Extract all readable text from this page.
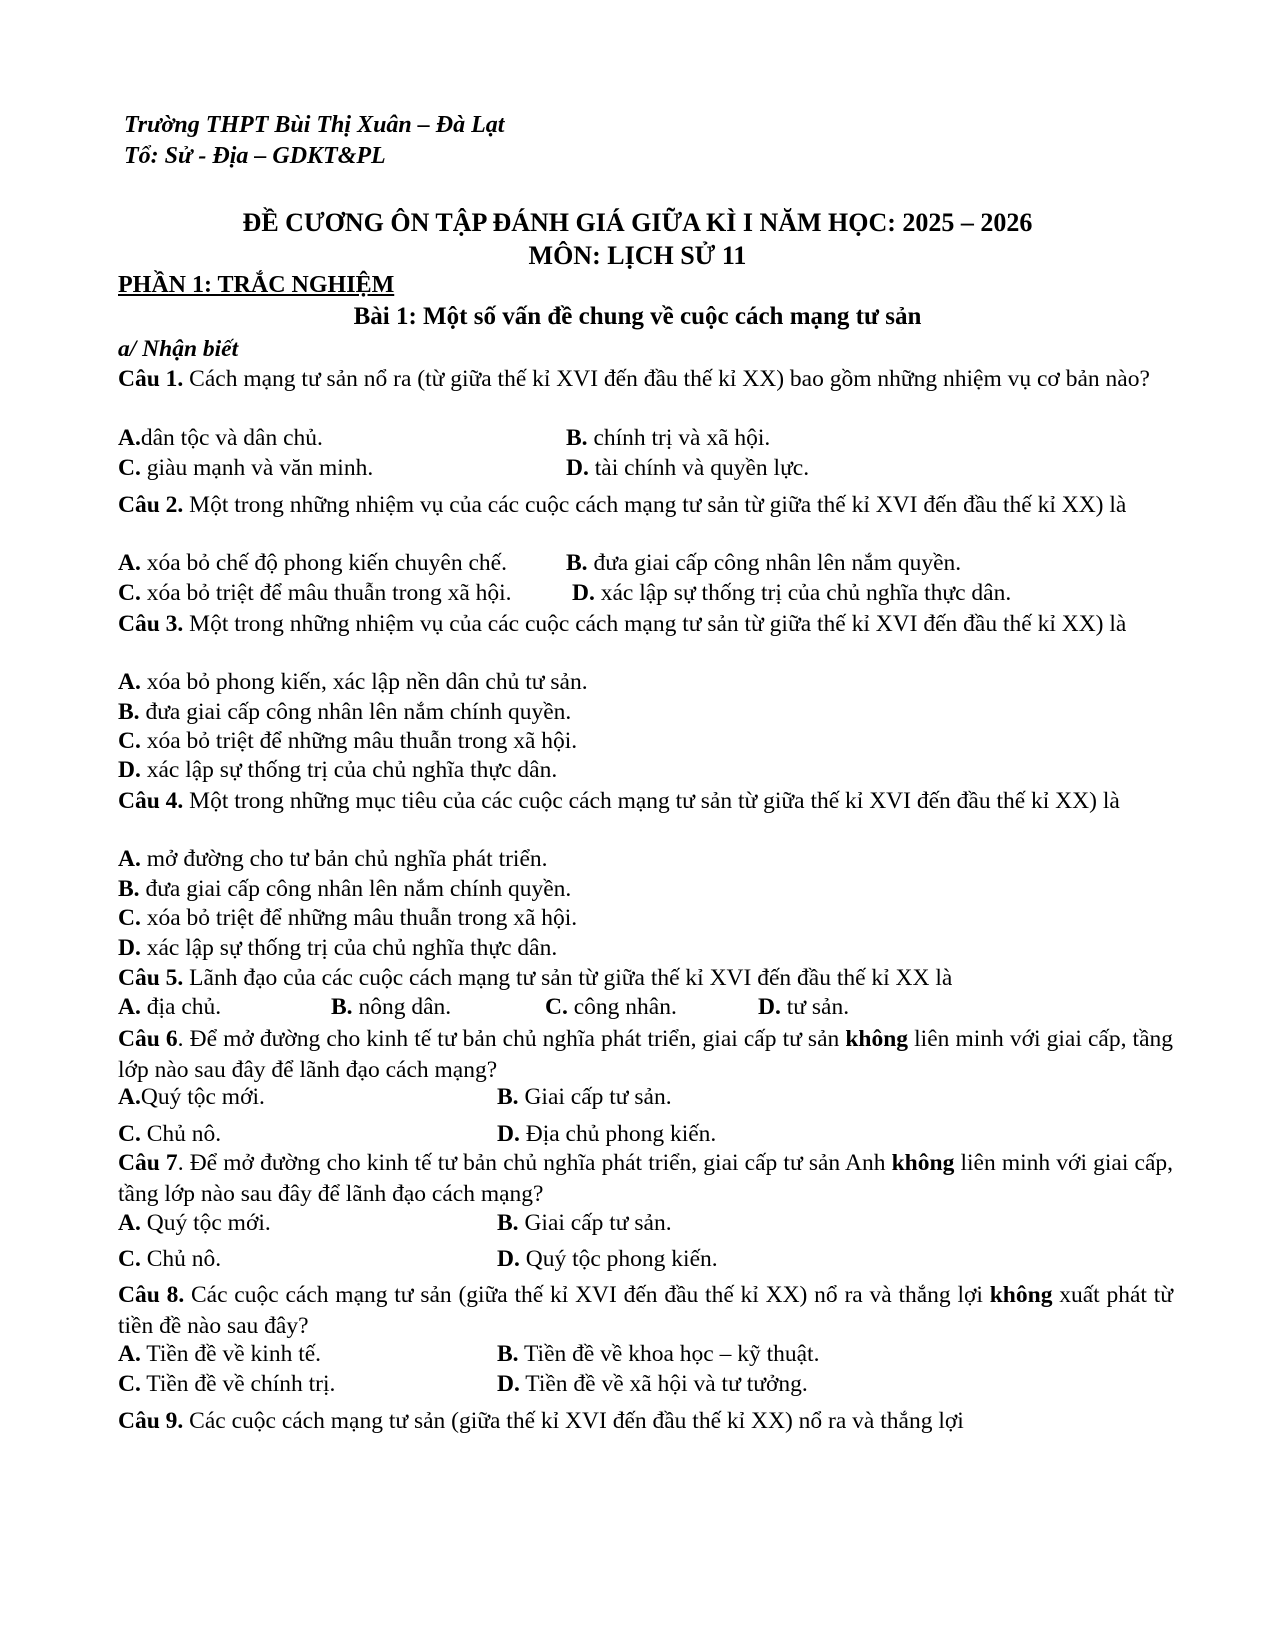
Trường THPT Bùi Thị Xuân – Đà Lạt
Tổ: Sử - Địa – GDKT&PL
ĐỀ CƯƠNG ÔN TẬP ĐÁNH GIÁ GIỮA KÌ I NĂM HỌC: 2025 – 2026
MÔN: LỊCH SỬ 11
PHẦN 1: TRẮC NGHIỆM
Bài 1: Một số vấn đề chung về cuộc cách mạng tư sản
a/ Nhận biết
Câu 1. Cách mạng tư sản nổ ra (từ giữa thế kỉ XVI đến đầu thế kỉ XX) bao gồm những nhiệm vụ cơ bản nào?
A.dân tộc và dân chủ.	B. chính trị và xã hội.
C. giàu mạnh và văn minh.	D. tài chính và quyền lực.
Câu 2. Một trong những nhiệm vụ của các cuộc cách mạng tư sản từ giữa thế kỉ XVI đến đầu thế kỉ XX) là
A. xóa bỏ chế độ phong kiến chuyên chế.	B. đưa giai cấp công nhân lên nắm quyền.
C. xóa bỏ triệt để mâu thuẫn trong xã hội.	D. xác lập sự thống trị của chủ nghĩa thực dân.
Câu 3. Một trong những nhiệm vụ của các cuộc cách mạng tư sản từ giữa thế kỉ XVI đến đầu thế kỉ XX) là
A. xóa bỏ phong kiến, xác lập nền dân chủ tư sản.
B. đưa giai cấp công nhân lên nắm chính quyền.
C. xóa bỏ triệt để những mâu thuẫn trong xã hội.
D. xác lập sự thống trị của chủ nghĩa thực dân.
Câu 4. Một trong những mục tiêu của các cuộc cách mạng tư sản từ giữa thế kỉ XVI đến đầu thế kỉ XX) là
A. mở đường cho tư bản chủ nghĩa phát triển.
B. đưa giai cấp công nhân lên nắm chính quyền.
C. xóa bỏ triệt để những mâu thuẫn trong xã hội.
D. xác lập sự thống trị của chủ nghĩa thực dân.
Câu 5. Lãnh đạo của các cuộc cách mạng tư sản từ giữa thế kỉ XVI đến đầu thế kỉ XX là
A. địa chủ.	B. nông dân.	C. công nhân.	D. tư sản.
Câu 6. Để mở đường cho kinh tế tư bản chủ nghĩa phát triển, giai cấp tư sản không liên minh với giai cấp, tầng lớp nào sau đây để lãnh đạo cách mạng?
A.Quý tộc mới.	B. Giai cấp tư sản.
C. Chủ nô.	D. Địa chủ phong kiến.
Câu 7. Để mở đường cho kinh tế tư bản chủ nghĩa phát triển, giai cấp tư sản Anh không liên minh với giai cấp, tầng lớp nào sau đây để lãnh đạo cách mạng?
A. Quý tộc mới.	B. Giai cấp tư sản.
C. Chủ nô.	D. Quý tộc phong kiến.
Câu 8. Các cuộc cách mạng tư sản (giữa thế kỉ XVI đến đầu thế kỉ XX) nổ ra và thắng lợi không xuất phát từ tiền đề nào sau đây?
A. Tiền đề về kinh tế.	B. Tiền đề về khoa học – kỹ thuật.
C. Tiền đề về chính trị.	D. Tiền đề về xã hội và tư tưởng.
Câu 9. Các cuộc cách mạng tư sản (giữa thế kỉ XVI đến đầu thế kỉ XX) nổ ra và thắng lợi
